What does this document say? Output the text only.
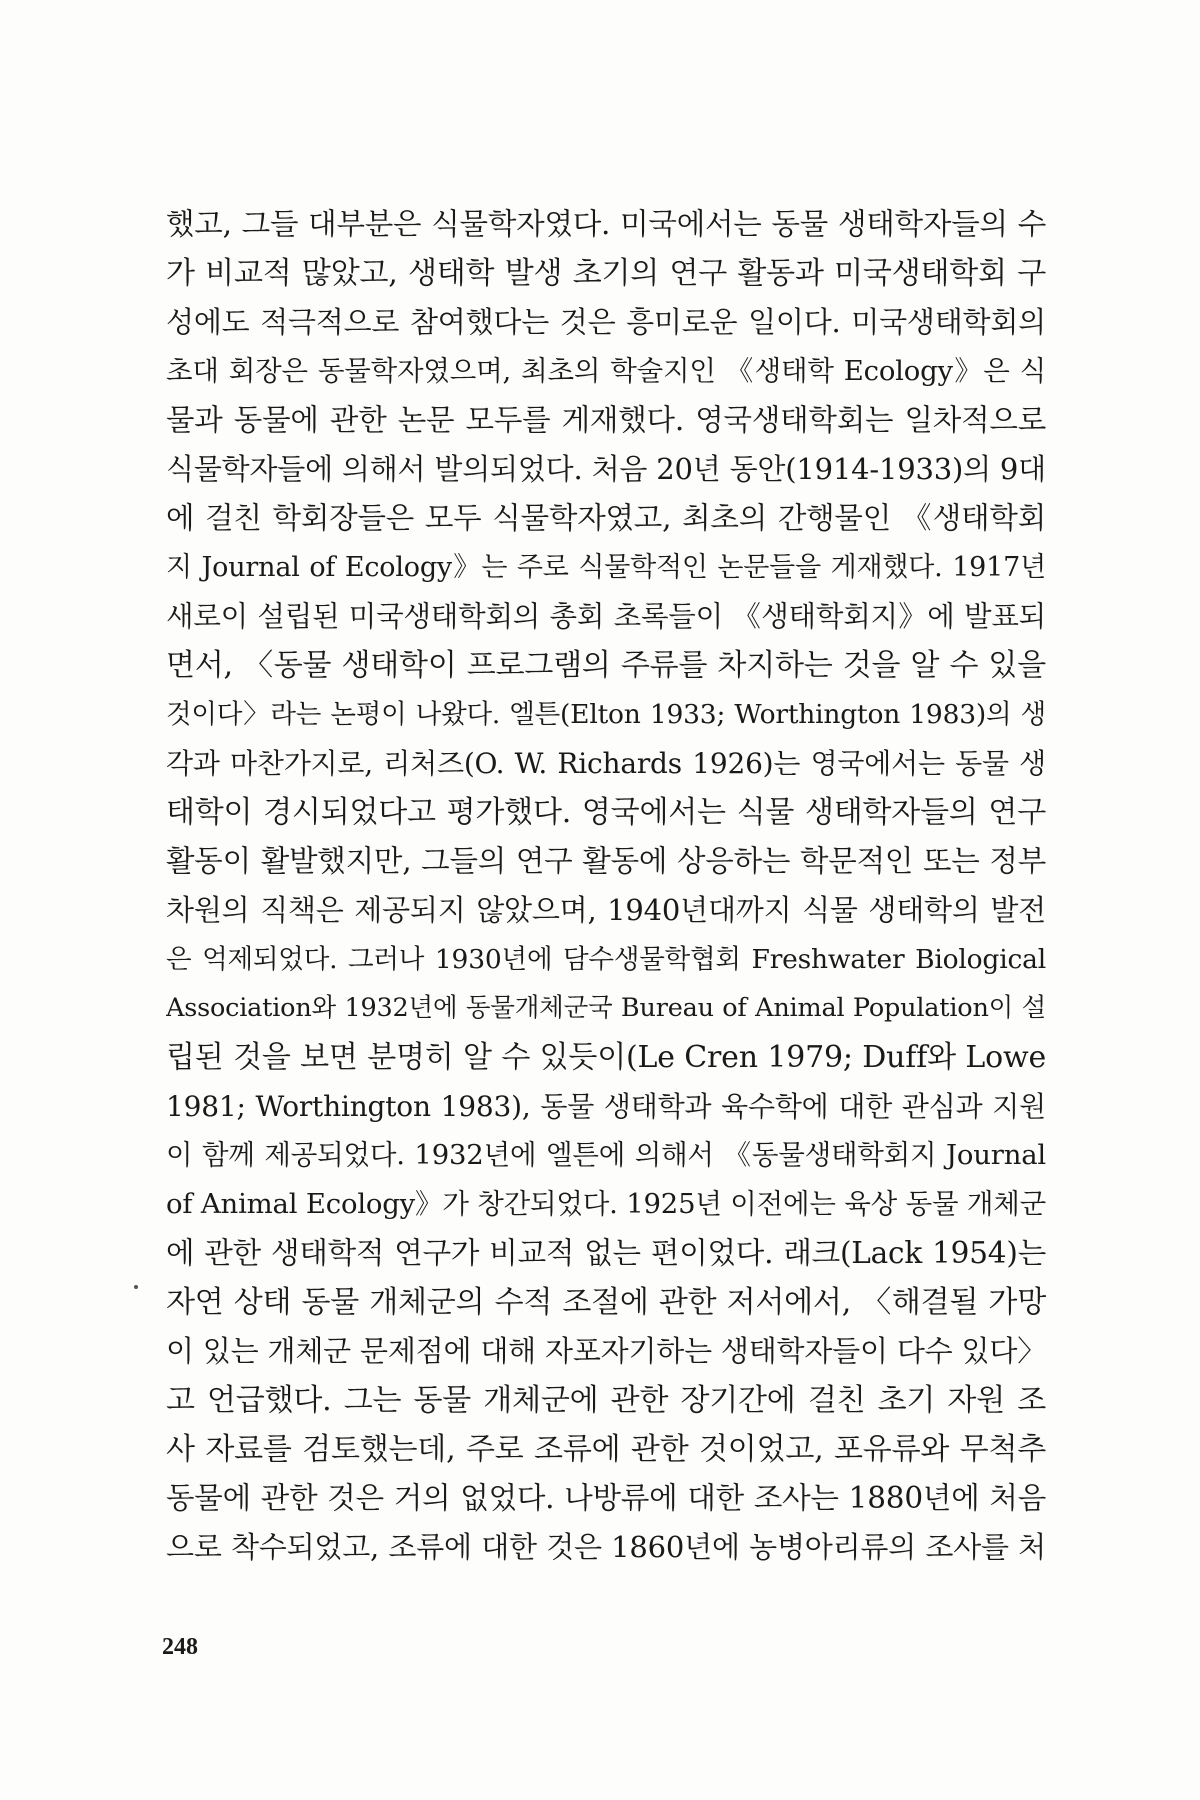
했고, 그들 대부분은 식물학자였다. 미국에서는 동물 생태학자들의 수
가 비교적 많았고, 생태학 발생 초기의 연구 활동과 미국생태학회 구
성에도 적극적으로 참여했다는 것은 흥미로운 일이다. 미국생태학회의
초대 회장은 동물학자였으며, 최초의 학술지인 《생태학 Ecology》은 식
물과 동물에 관한 논문 모두를 게재했다. 영국생태학회는 일차적으로
식물학자들에 의해서 발의되었다. 처음 20년 동안(1914-1933)의 9대
에 걸친 학회장들은 모두 식물학자였고, 최초의 간행물인 《생태학회
지 Journal of Ecology》는 주로 식물학적인 논문들을 게재했다. 1917년
새로이 설립된 미국생태학회의 총회 초록들이 《생태학회지》에 발표되
면서, 〈동물 생태학이 프로그램의 주류를 차지하는 것을 알 수 있을
것이다〉라는 논평이 나왔다. 엘튼(Elton 1933; Worthington 1983)의 생
각과 마찬가지로, 리처즈(O. W. Richards 1926)는 영국에서는 동물 생
태학이 경시되었다고 평가했다. 영국에서는 식물 생태학자들의 연구
활동이 활발했지만, 그들의 연구 활동에 상응하는 학문적인 또는 정부
차원의 직책은 제공되지 않았으며, 1940년대까지 식물 생태학의 발전
은 억제되었다. 그러나 1930년에 담수생물학협회 Freshwater Biological
Association와 1932년에 동물개체군국 Bureau of Animal Population이 설
립된 것을 보면 분명히 알 수 있듯이(Le Cren 1979; Duff와 Lowe
1981; Worthington 1983), 동물 생태학과 육수학에 대한 관심과 지원
이 함께 제공되었다. 1932년에 엘튼에 의해서 《동물생태학회지 Journal
of Animal Ecology》가 창간되었다. 1925년 이전에는 육상 동물 개체군
에 관한 생태학적 연구가 비교적 없는 편이었다. 래크(Lack 1954)는
자연 상태 동물 개체군의 수적 조절에 관한 저서에서, 〈해결될 가망
이 있는 개체군 문제점에 대해 자포자기하는 생태학자들이 다수 있다〉
고 언급했다. 그는 동물 개체군에 관한 장기간에 걸친 초기 자원 조
사 자료를 검토했는데, 주로 조류에 관한 것이었고, 포유류와 무척추
동물에 관한 것은 거의 없었다. 나방류에 대한 조사는 1880년에 처음
으로 착수되었고, 조류에 대한 것은 1860년에 농병아리류의 조사를 처
248
